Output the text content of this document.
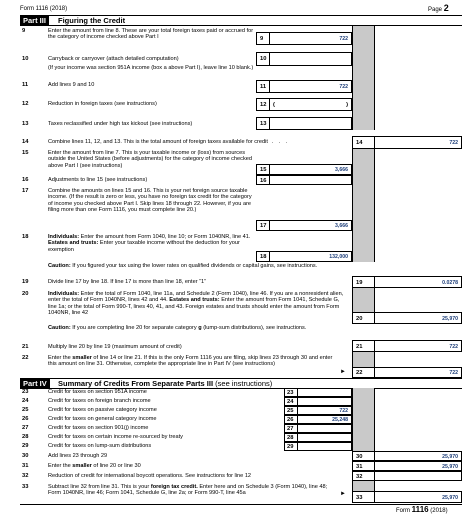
Form 1116 (2018)	Page 2
Part III	Figuring the Credit
9	Enter the amount from line 8. These are your total foreign taxes paid or accrued for the category of income checked above Part I	9	722
10	Carryback or carryover (attach detailed computation)
(If your income was section 951A income (box a above Part I), leave line 10 blank.)
10
11	Add lines 9 and 10	11	722
12	Reduction in foreign taxes (see instructions)	12 (	)
13	Taxes reclassified under high tax kickout (see instructions)	13
14	Combine lines 11, 12, and 13. This is the total amount of foreign taxes available for credit . . .	14	722
15	Enter the amount from line 7. This is your taxable income or (loss) from sources outside the United States (before adjustments) for the category of income checked above Part I (see instructions)
15	3,666
16	Adjustments to line 15 (see instructions)	16
17	Combine the amounts on lines 15 and 16. This is your net foreign source taxable income. (If the result is zero or less, you have no foreign tax credit for the category of income you checked above Part I. Skip lines 18 through 22. However, if you are filing more than one Form 1116, you must complete line 20.)
17	3,666
18	Individuals: Enter the amount from Form 1040, line 10; or Form 1040NR, line 41. Estates and trusts: Enter your taxable income without the deduction for your exemption
18	132,000
Caution: If you figured your tax using the lower rates on qualified dividends or capital gains, see instructions.
19	Divide line 17 by line 18. If line 17 is more than line 18, enter “1”	19	0.0278
20	Individuals: Enter the total of Form 1040, line 11a, and Schedule 2 (Form 1040), line 46. If you are a nonresident alien, enter the total of Form 1040NR, lines 42 and 44. Estates and trusts: Enter the amount from Form 1041, Schedule G, line 1a; or the total of Form 990-T, lines 40, 41, and 43. Foreign estates and trusts should enter the amount from Form 1040NR, line 42
20	25,970
Caution: If you are completing line 20 for separate category g (lump-sum distributions), see instructions.
21	Multiply line 20 by line 19 (maximum amount of credit)	21	722
22	Enter the smaller of line 14 or line 21. If this is the only Form 1116 you are filing, skip lines 23 through 30 and enter this amount on line 31. Otherwise, complete the appropriate line in Part IV (see instructions)
► 22	722
Part IV	Summary of Credits From Separate Parts III (see instructions)
23	Credit for taxes on section 951A income	23
24	Credit for taxes on foreign branch income	24
25	Credit for taxes on passive category income	25	722
26	Credit for taxes on general category income	26	25,248
27	Credit for taxes on section 901(j) income	27
28	Credit for taxes on certain income re-sourced by treaty	28
29	Credit for taxes on lump-sum distributions	29
30	Add lines 23 through 29	30	25,970
31	Enter the smaller of line 20 or line 30	31	25,970
32	Reduction of credit for international boycott operations. See instructions for line 12	32
33	Subtract line 32 from line 31. This is your foreign tax credit. Enter here and on Schedule 3 (Form 1040), line 48; Form 1040NR, line 46; Form 1041, Schedule G, line 2a; or Form 990-T, line 45a	►
33	25,970
Form 1116 (2018)
